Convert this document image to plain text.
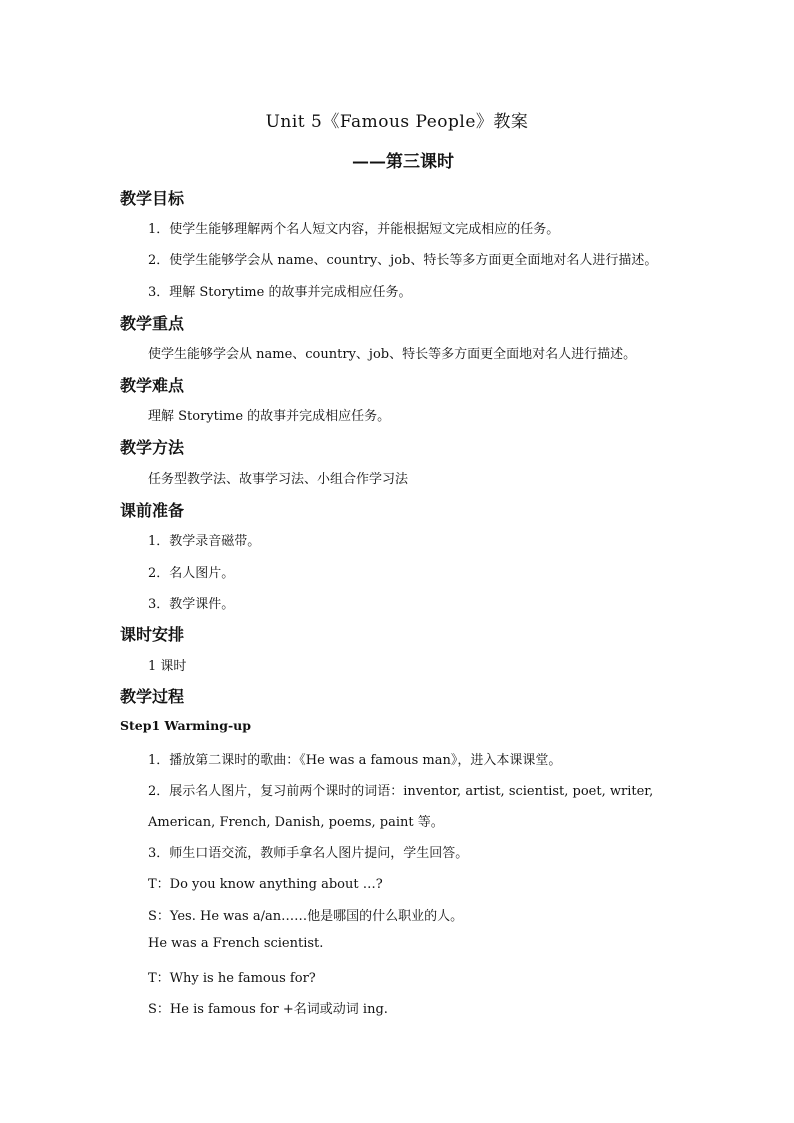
Unit 5《Famous People》教案
——第三课时
教学目标
1．使学生能够理解两个名人短文内容，并能根据短文完成相应的任务。
2．使学生能够学会从 name、country、job、特长等多方面更全面地对名人进行描述。
3．理解 Storytime 的故事并完成相应任务。
教学重点
使学生能够学会从 name、country、job、特长等多方面更全面地对名人进行描述。
教学难点
理解 Storytime 的故事并完成相应任务。
教学方法
任务型教学法、故事学习法、小组合作学习法
课前准备
1．教学录音磁带。
2．名人图片。
3．教学课件。
课时安排
1 课时
教学过程
Step1 Warming-up
1．播放第二课时的歌曲：《He was a famous man》，进入本课课堂。
2．展示名人图片，复习前两个课时的词语：inventor, artist, scientist, poet, writer,
American, French, Danish, poems, paint 等。
3．师生口语交流，教师手拿名人图片提问，学生回答。
T：Do you know anything about …?
S：Yes. He was a/an……他是哪国的什么职业的人。
He was a French scientist.
T：Why is he famous for?
S：He is famous for +名词或动词 ing.
